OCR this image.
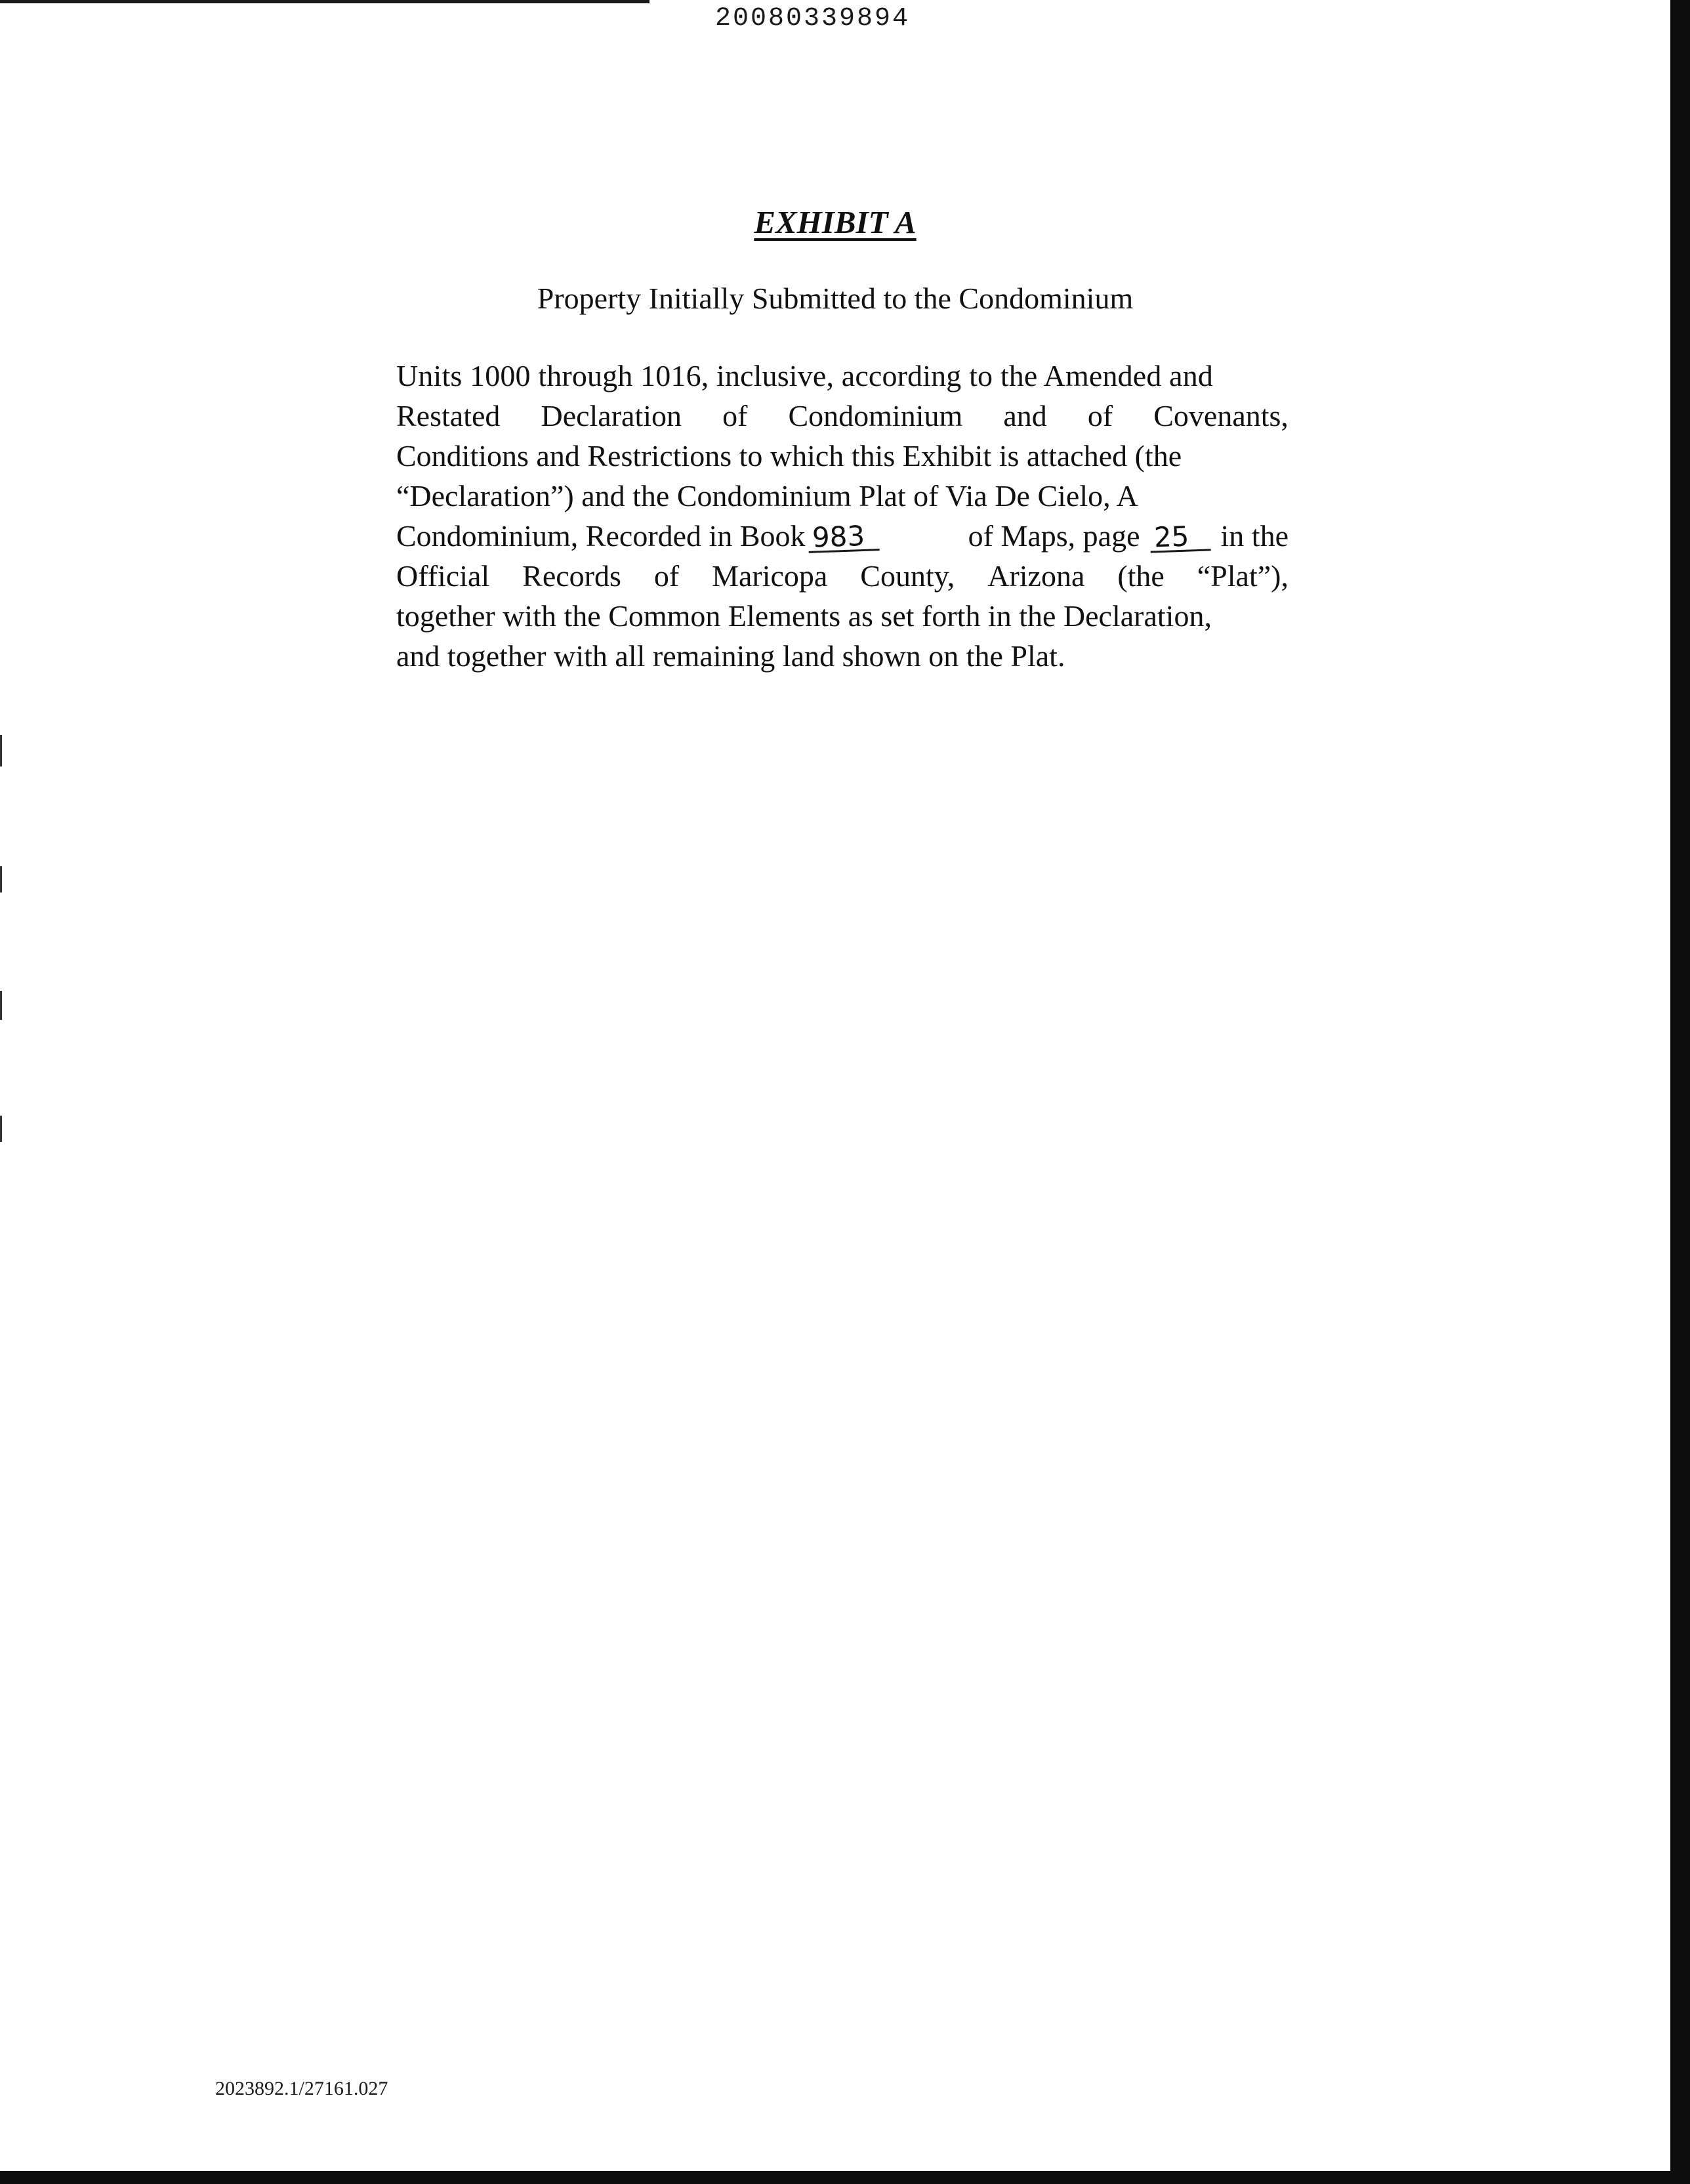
20080339894
EXHIBIT A

Property Initially Submitted to the Condominium

Units 1000 through 1016, inclusive, according to the Amended and
Restated Declaration of Condominium and of Covenants,
Conditions and Restrictions to which this Exhibit is attached (the
“Declaration”) and the Condominium Plat of Via De Cielo, A
Condominium, Recorded in Book 983	of Maps, page 25 in the
Official Records of Maricopa County, Arizona (the “Plat”),
together with the Common Elements as set forth in the Declaration,
and together with all remaining land shown on the Plat.
2023892.1/27161.027
